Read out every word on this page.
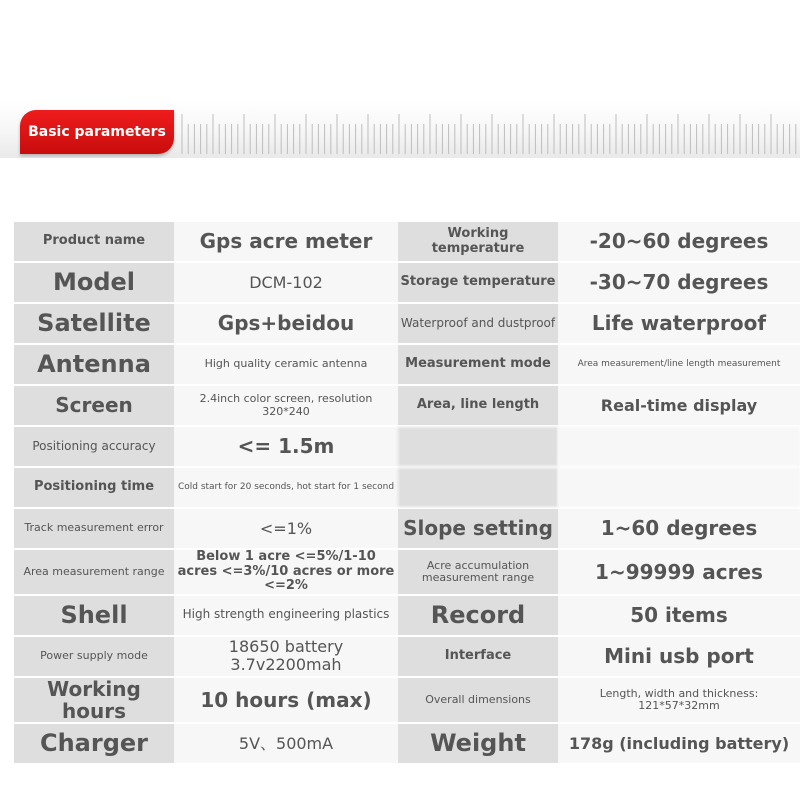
Basic parameters
Product name	Gps acre meter	Working temperature	-20~60 degrees
Model	DCM-102	Storage temperature	-30~70 degrees
Satellite	Gps+beidou	Waterproof and dustproof	Life waterproof
Antenna	High quality ceramic antenna	Measurement mode	Area measurement/line length measurement
Screen	2.4inch color screen, resolution 320*240	Area, line length	Real-time display
Positioning accuracy	<= 1.5m		
Positioning time	Cold start for 20 seconds, hot start for 1 second		
Track measurement error	<=1%	Slope setting	1~60 degrees
Area measurement range	Below 1 acre <=5%/1-10 acres <=3%/10 acres or more <=2%	Acre accumulation measurement range	1~99999 acres
Shell	High strength engineering plastics	Record	50 items
Power supply mode	18650 battery 3.7v2200mah	Interface	Mini usb port
Working hours	10 hours (max)	Overall dimensions	Length, width and thickness: 121*57*32mm
Charger	5V、500mA	Weight	178g (including battery)
